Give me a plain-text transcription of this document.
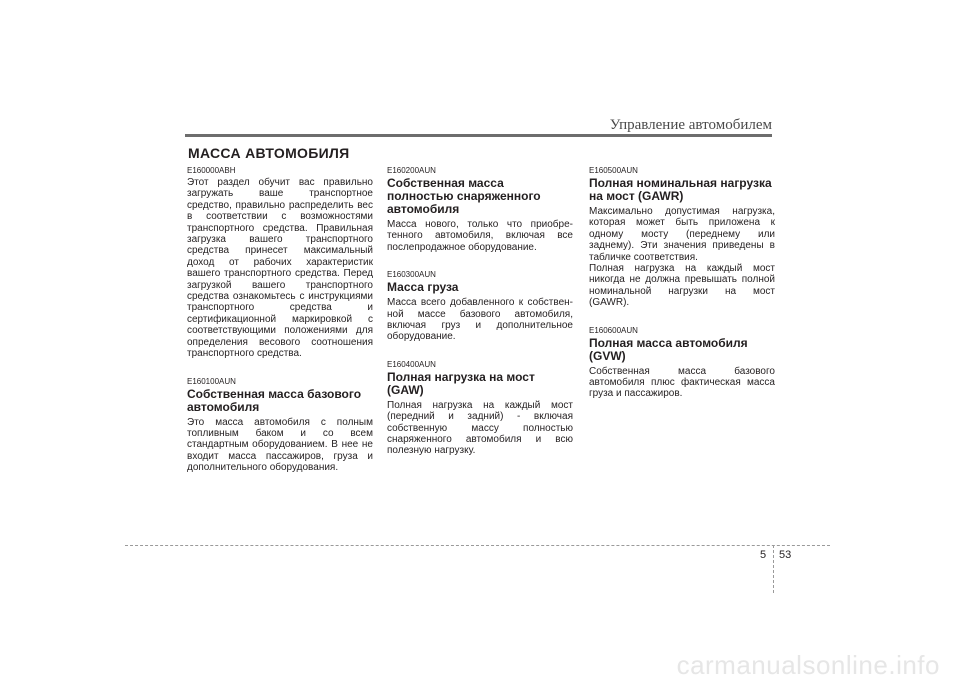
Управление автомобилем
МАССА АВТОМОБИЛЯ

E160000ABH

Этот раздел обучит вас правильно загружать ваше транспортное средство, правильно распределить вес в соответствии с возможностями транспортного средства. Правильная загрузка вашего транспортного средства принесет максимальный доход от рабочих характеристик вашего транспортного средства. Перед загрузкой вашего транспортного средства ознакомьтесь с инструкциями транспортного средства и сертификационной маркировкой с соответствующими положениями для определения весового соотношения транспортного средства.

E160100AUN

Собственная масса базового автомобиля

Это масса автомобиля с полным топливным баком и со всем стандартным оборудованием. В нее не входит масса пассажиров, груза и дополнительного оборудования.

E160200AUN

Собственная масса полностью снаряженного автомобиля

Масса нового, только что приобре-тенного автомобиля, включая все послепродажное оборудование.

E160300AUN

Масса груза

Масса всего добавленного к собствен-ной массе базового автомобиля, включая груз и дополнительное оборудование.

E160400AUN

Полная нагрузка на мост (GAW)

Полная нагрузка на каждый мост (передний и задний) - включая собственную массу полностью снаряженного автомобиля и всю полезную нагрузку.

E160500AUN

Полная номинальная нагрузка на мост (GAWR)

Максимально допустимая нагрузка, которая может быть приложена к одному мосту (переднему или заднему). Эти значения приведены в табличке соответствия.

Полная нагрузка на каждый мост никогда не должна превышать полной номинальной нагрузки на мост (GAWR).

E160600AUN

Полная масса автомобиля (GVW)

Собственная масса базового автомобиля плюс фактическая масса груза и пассажиров.

5 53
carmanualsonline.info
